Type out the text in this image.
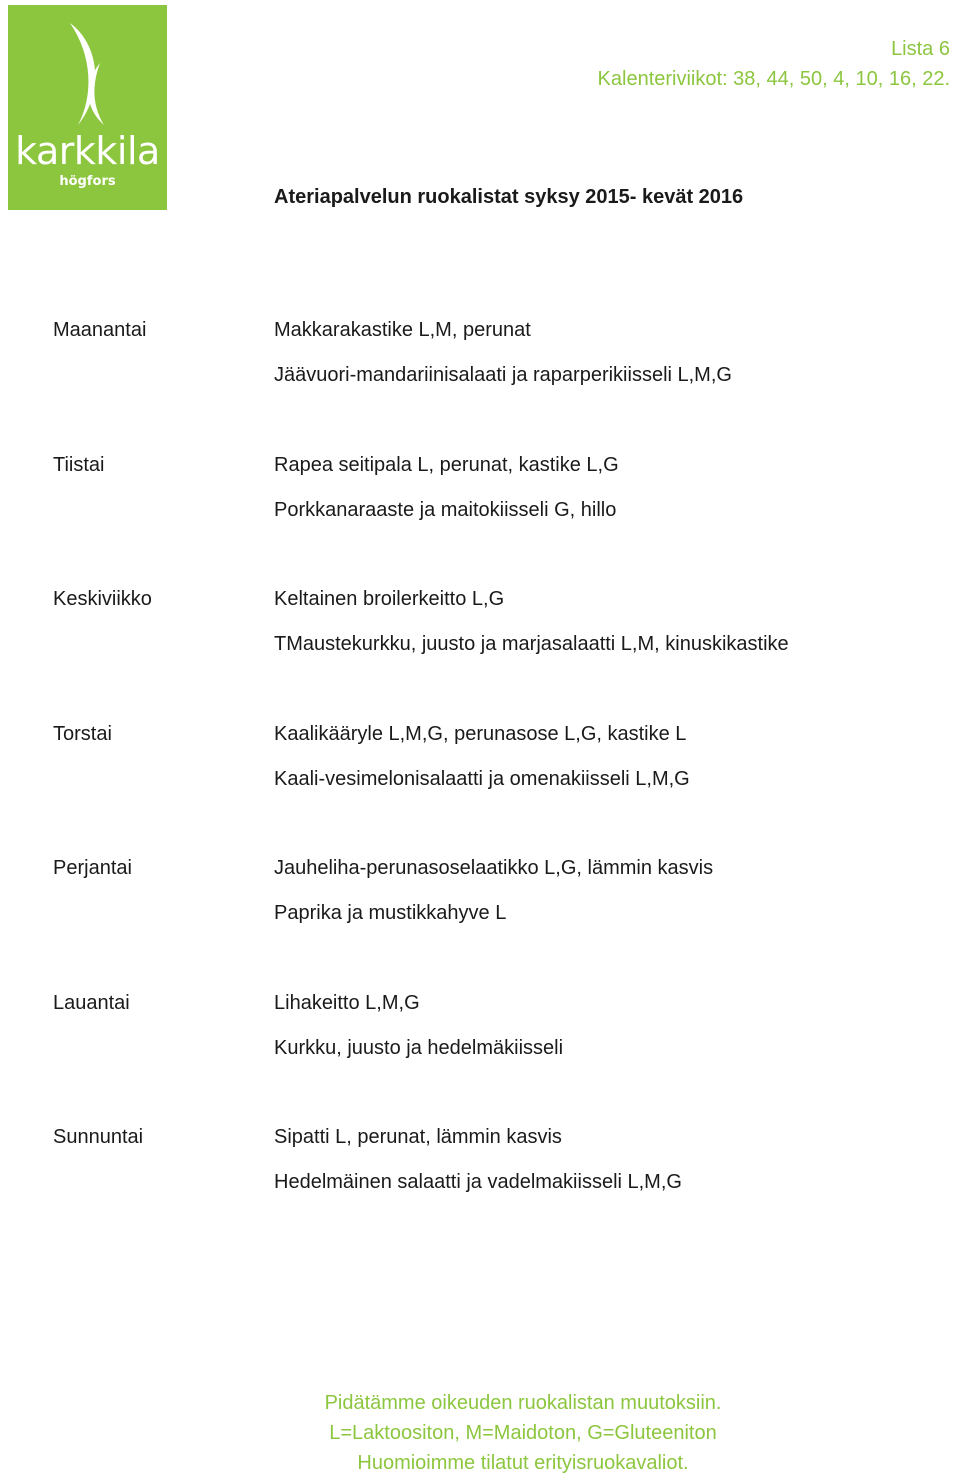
karkkila
högfors
Lista 6
Kalenteriviikot: 38, 44, 50, 4, 10, 16, 22.
Ateriapalvelun ruokalistat syksy 2015- kevät 2016
Maanantai	Makkarakastike L,M, perunat
Jäävuori-mandariinisalaati ja raparperikiisseli L,M,G
Tiistai	Rapea seitipala L, perunat, kastike L,G
Porkkanaraaste ja maitokiisseli G, hillo
Keskiviikko	Keltainen broilerkeitto L,G
TMaustekurkku, juusto ja marjasalaatti L,M, kinuskikastike
Torstai	Kaalikääryle L,M,G, perunasose L,G, kastike L
Kaali-vesimelonisalaatti ja omenakiisseli L,M,G
Perjantai	Jauheliha-perunasoselaatikko L,G, lämmin kasvis
Paprika ja mustikkahyve L
Lauantai	Lihakeitto L,M,G
Kurkku, juusto ja hedelmäkiisseli
Sunnuntai	Sipatti L, perunat, lämmin kasvis
Hedelmäinen salaatti ja vadelmakiisseli L,M,G
Pidätämme oikeuden ruokalistan muutoksiin.
L=Laktoositon, M=Maidoton, G=Gluteeniton
Huomioimme tilatut erityisruokavaliot.
